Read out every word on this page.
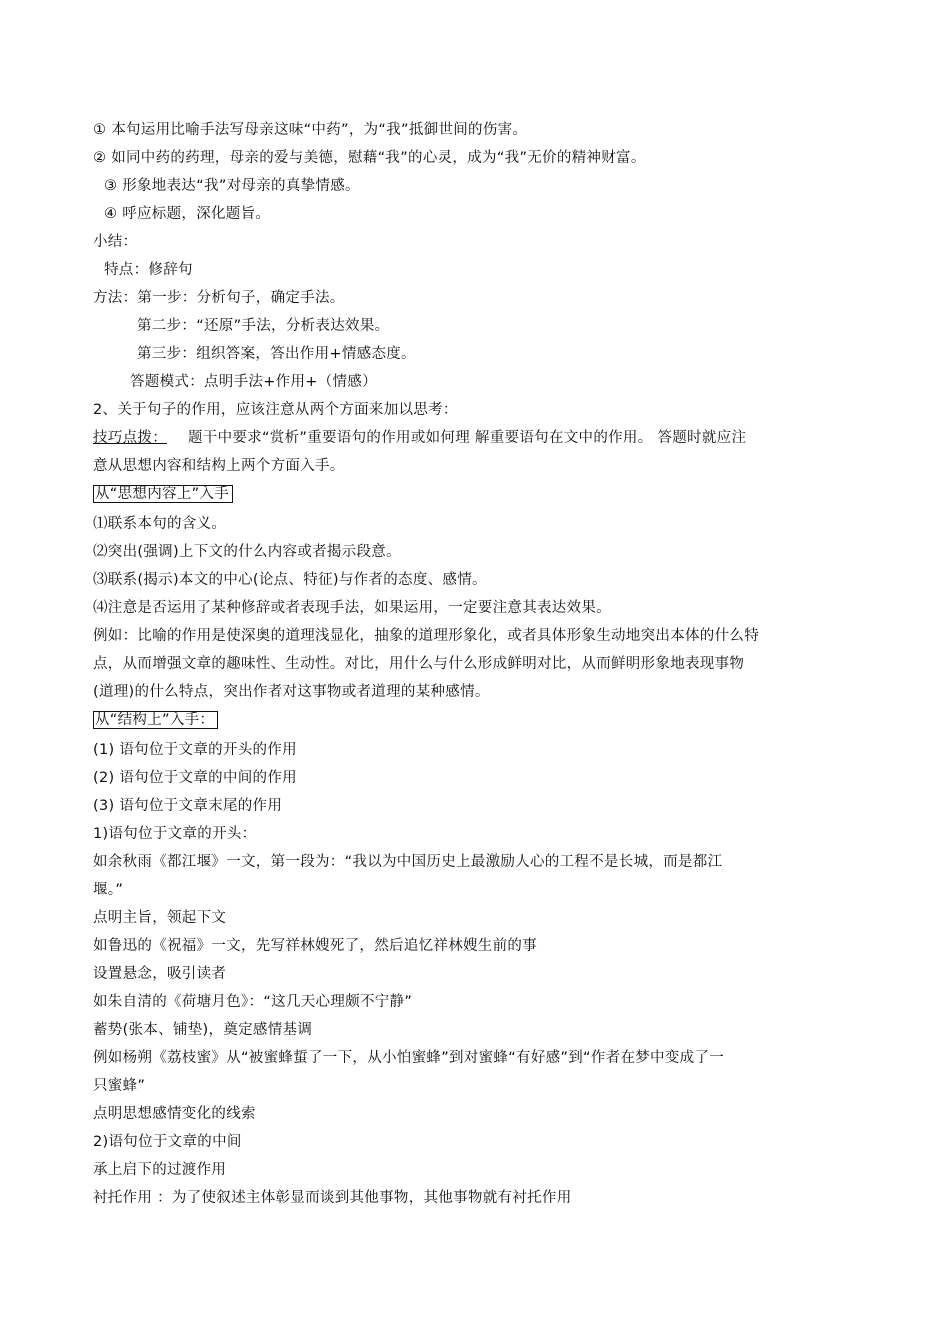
① 本句运用比喻手法写母亲这味“中药”，为“我”抵御世间的伤害。
② 如同中药的药理，母亲的爱与美德，慰藉“我”的心灵，成为“我”无价的精神财富。
③ 形象地表达“我”对母亲的真挚情感。
④ 呼应标题，深化题旨。
小结：
特点：修辞句
方法：第一步：分析句子，确定手法。
第二步：“还原”手法，分析表达效果。
第三步：组织答案，答出作用+情感态度。
答题模式：点明手法+作用+（情感）
2、关于句子的作用，应该注意从两个方面来加以思考：
技巧点拨： 题干中要求“赏析”重要语句的作用或如何理 解重要语句在文中的作用。 答题时就应注
意从思想内容和结构上两个方面入手。
从“思想内容上”入手
⑴联系本句的含义。
⑵突出(强调)上下文的什么内容或者揭示段意。
⑶联系(揭示)本文的中心(论点、特征)与作者的态度、感情。
⑷注意是否运用了某种修辞或者表现手法，如果运用，一定要注意其表达效果。
例如：比喻的作用是使深奥的道理浅显化，抽象的道理形象化，或者具体形象生动地突出本体的什么特
点，从而增强文章的趣味性、生动性。对比，用什么与什么形成鲜明对比，从而鲜明形象地表现事物
(道理)的什么特点，突出作者对这事物或者道理的某种感情。
从“结构上”入手：
(1) 语句位于文章的开头的作用
(2) 语句位于文章的中间的作用
(3) 语句位于文章末尾的作用
1)语句位于文章的开头：
如余秋雨《都江堰》一文，第一段为：“我以为中国历史上最激励人心的工程不是长城，而是都江
堰。”
点明主旨，领起下文
如鲁迅的《祝福》一文，先写祥林嫂死了，然后追忆祥林嫂生前的事
设置悬念，吸引读者
如朱自清的《荷塘月色》：“这几天心理颇不宁静”
蓄势(张本、铺垫)，奠定感情基调
例如杨朔《荔枝蜜》从“被蜜蜂蜇了一下，从小怕蜜蜂”到对蜜蜂“有好感”到“作者在梦中变成了一
只蜜蜂”
点明思想感情变化的线索
2)语句位于文章的中间
承上启下的过渡作用
衬托作用 ：为了使叙述主体彰显而谈到其他事物，其他事物就有衬托作用
